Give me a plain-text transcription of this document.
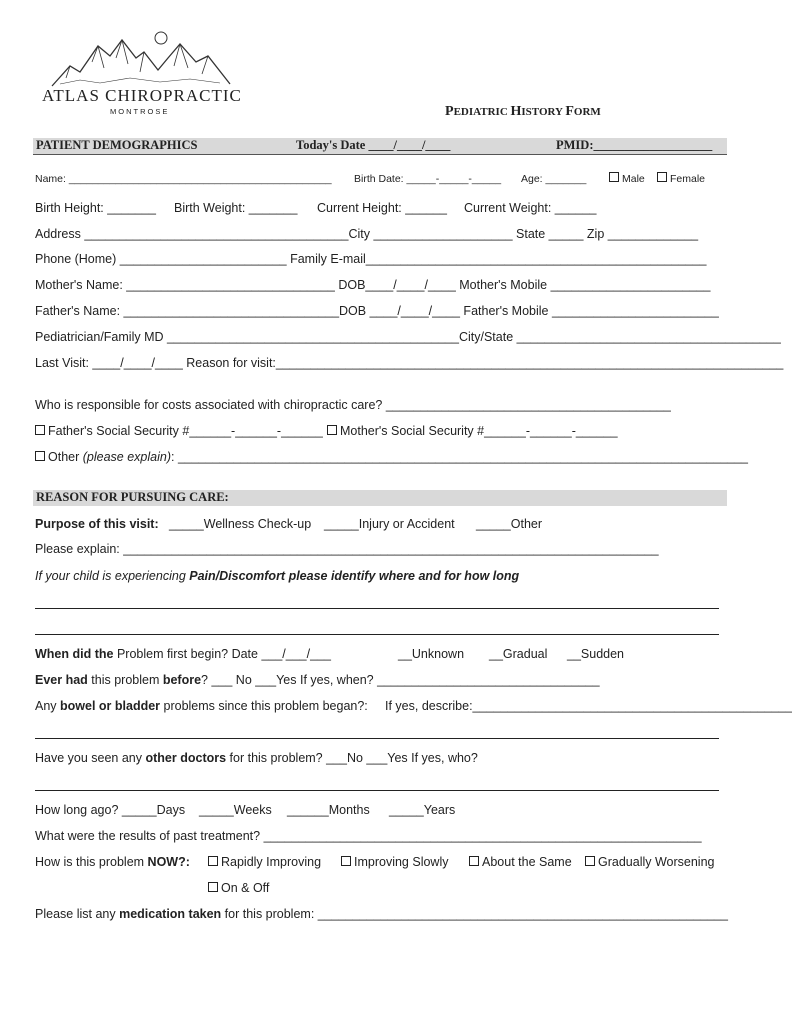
ATLAS CHIROPRACTIC
MONTROSE	PEDIATRIC HISTORY FORM
PATIENT DEMOGRAPHICS	Today's Date ____/____/____	PMID:___________________
Name: _____________________________________________ Birth Date: _____-_____-_____ Age: _______	Male	Female
Birth Height: _______ Birth Weight: _______ Current Height: ______ Current Weight: ______
Address ______________________________________City ____________________ State _____ Zip _____________
Phone (Home) ________________________ Family E-mail_________________________________________________
Mother's Name: ______________________________ DOB____/____/____ Mother's Mobile _______________________
Father's Name: _______________________________DOB ____/____/____ Father's Mobile ________________________
Pediatrician/Family MD __________________________________________City/State ______________________________________
Last Visit: ____/____/____ Reason for visit:_________________________________________________________________________
Who is responsible for costs associated with chiropractic care? _________________________________________
Father's Social Security #______-______-______	Mother's Social Security #______-______-______
Other (please explain): __________________________________________________________________________________
REASON FOR PURSUING CARE:
Purpose of this visit: _____Wellness Check-up _____Injury or Accident _____Other
Please explain: _____________________________________________________________________________
If your child is experiencing Pain/Discomfort please identify where and for how long
When did the Problem first begin? Date ___/___/___	__Unknown __Gradual __Sudden
Ever had this problem before? ___ No ___Yes If yes, when? ________________________________
Any bowel or bladder problems since this problem began?: If yes, describe:______________________________________________
Have you seen any other doctors for this problem? ___No ___Yes If yes, who?
How long ago? _____Days _____Weeks ______Months _____Years
What were the results of past treatment? _______________________________________________________________
How is this problem NOW?:	Rapidly Improving	Improving Slowly	About the Same	Gradually Worsening
On & Off
Please list any medication taken for this problem: ___________________________________________________________
